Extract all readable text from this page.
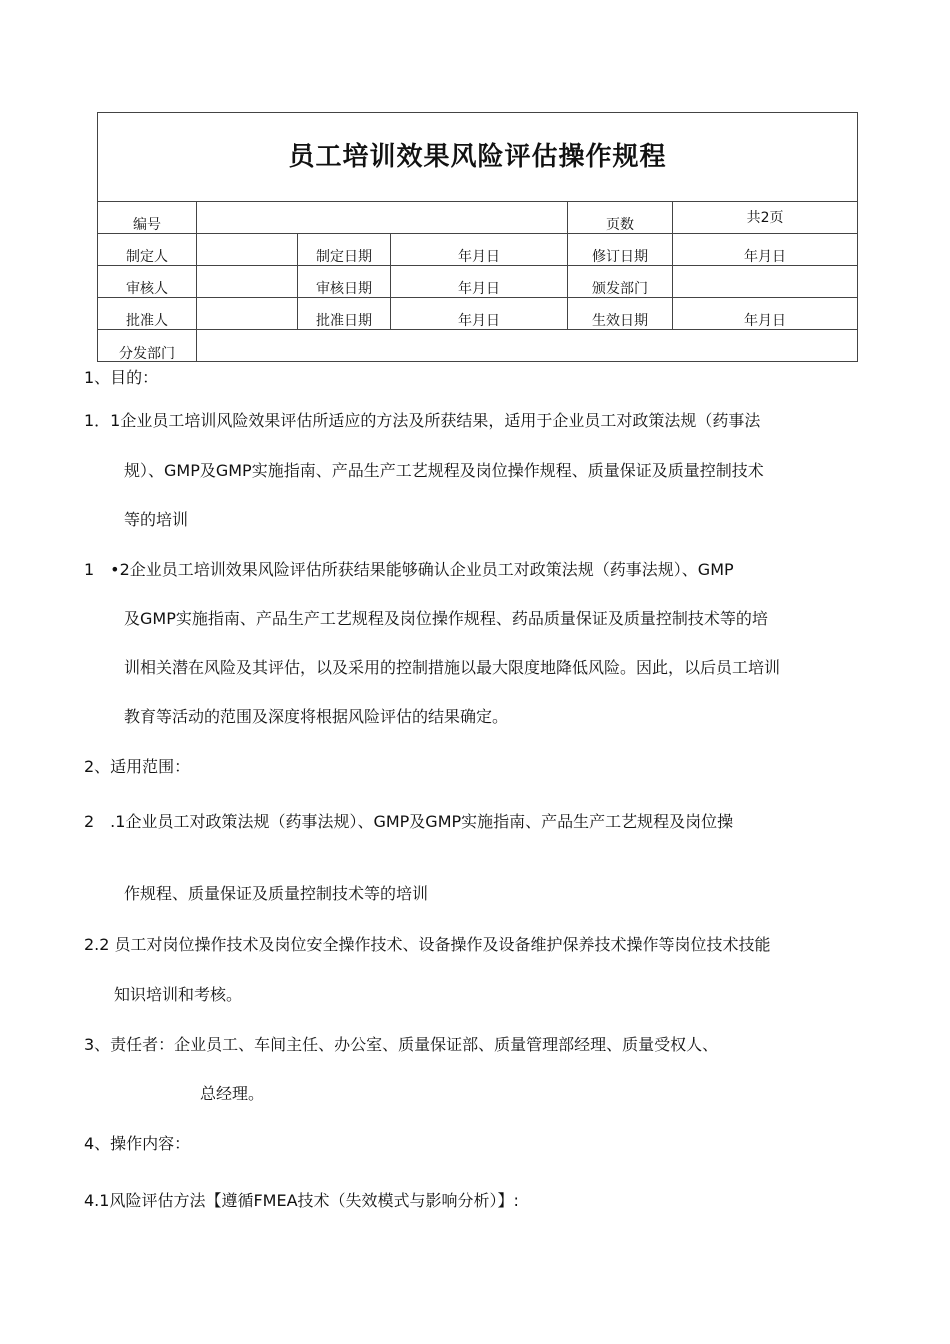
员工培训效果风险评估操作规程					
编号				页数	共2页
制定人		制定日期	年月日	修订日期	年月日
审核人		审核日期	年月日	颁发部门	
批准人		批准日期	年月日	生效日期	年月日
分发部门					
1、目的：
1．1企业员工培训风险效果评估所适应的方法及所获结果，适用于企业员工对政策法规（药事法
规）、GMP及GMP实施指南、产品生产工艺规程及岗位操作规程、质量保证及质量控制技术
等的培训
1　•2企业员工培训效果风险评估所获结果能够确认企业员工对政策法规（药事法规）、GMP
及GMP实施指南、产品生产工艺规程及岗位操作规程、药品质量保证及质量控制技术等的培
训相关潜在风险及其评估，以及采用的控制措施以最大限度地降低风险。因此，以后员工培训
教育等活动的范围及深度将根据风险评估的结果确定。
2、适用范围：
2　.1企业员工对政策法规（药事法规）、GMP及GMP实施指南、产品生产工艺规程及岗位操
作规程、质量保证及质量控制技术等的培训
2.2 员工对岗位操作技术及岗位安全操作技术、设备操作及设备维护保养技术操作等岗位技术技能
知识培训和考核。
3、责任者：企业员工、车间主任、办公室、质量保证部、质量管理部经理、质量受权人、
总经理。
4、操作内容：
4.1风险评估方法【遵循FMEA技术（失效模式与影响分析）】:
